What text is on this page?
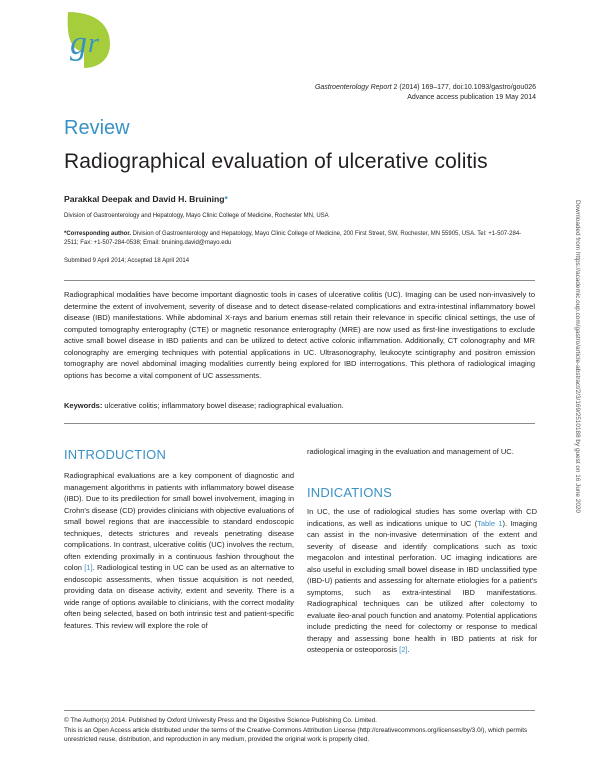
g r
Gastroenterology Report 2 (2014) 169–177, doi:10.1093/gastro/gou026
Advance access publication 19 May 2014
Review
Radiographical evaluation of ulcerative colitis
Parakkal Deepak and David H. Bruining*
Division of Gastroenterology and Hepatology, Mayo Clinic College of Medicine, Rochester MN, USA
*Corresponding author. Division of Gastroenterology and Hepatology, Mayo Clinic College of Medicine, 200 First Street, SW, Rochester, MN 55905, USA. Tel: +1-507-284-2511; Fax: +1-507-284-0538; Email: bruining.david@mayo.edu
Submitted 9 April 2014; Accepted 18 April 2014
Radiographical modalities have become important diagnostic tools in cases of ulcerative colitis (UC). Imaging can be used non-invasively to determine the extent of involvement, severity of disease and to detect disease-related complications and extra-intestinal inflammatory bowel disease (IBD) manifestations. While abdominal X-rays and barium enemas still retain their relevance in specific clinical settings, the use of computed tomography enterography (CTE) or magnetic resonance enterography (MRE) are now used as first-line investigations to exclude active small bowel disease in IBD patients and can be utilized to detect active colonic inflammation. Additionally, CT colonography and MR colonography are emerging techniques with potential applications in UC. Ultrasonography, leukocyte scintigraphy and positron emission tomography are novel abdominal imaging modalities currently being explored for IBD interrogations. This plethora of radiological imaging options has become a vital component of UC assessments.
Keywords: ulcerative colitis; inflammatory bowel disease; radiographical evaluation.
INTRODUCTION
Radiographical evaluations are a key component of diagnostic and management algorithms in patients with inflammatory bowel disease (IBD). Due to its predilection for small bowel involvement, imaging in Crohn's disease (CD) provides clinicians with objective evaluations of small bowel regions that are inaccessible to standard endoscopic techniques, detects strictures and reveals penetrating disease complications. In contrast, ulcerative colitis (UC) involves the rectum, often extending proximally in a continuous fashion throughout the colon [1]. Radiological testing in UC can be used as an alternative to endoscopic assessments, when tissue acquisition is not needed, providing data on disease activity, extent and severity. There is a wide range of options available to clinicians, with the correct modality often being selected, based on both intrinsic test and patient-specific features. This review will explore the role of
radiological imaging in the evaluation and management of UC.
INDICATIONS
In UC, the use of radiological studies has some overlap with CD indications, as well as indications unique to UC (Table 1). Imaging can assist in the non-invasive determination of the extent and severity of disease and identify complications such as toxic megacolon and intestinal perforation. UC imaging indications are also useful in excluding small bowel disease in IBD unclassified type (IBD-U) patients and assessing for alternate etiologies for a patient's symptoms, such as extra-intestinal IBD manifestations. Radiographical techniques can be utilized after colectomy to evaluate ileo-anal pouch function and anatomy. Potential applications include predicting the need for colectomy or response to medical therapy and assessing bone health in IBD patients at risk for osteopenia or osteoporosis [2].
© The Author(s) 2014. Published by Oxford University Press and the Digestive Science Publishing Co. Limited.
This is an Open Access article distributed under the terms of the Creative Commons Attribution License (http://creativecommons.org/licenses/by/3.0/), which permits unrestricted reuse, distribution, and reproduction in any medium, provided the original work is properly cited.
Downloaded from https://academic.oup.com/gastro/article-abstract/2/3/169/2510188 by guest on 16 June 2020
